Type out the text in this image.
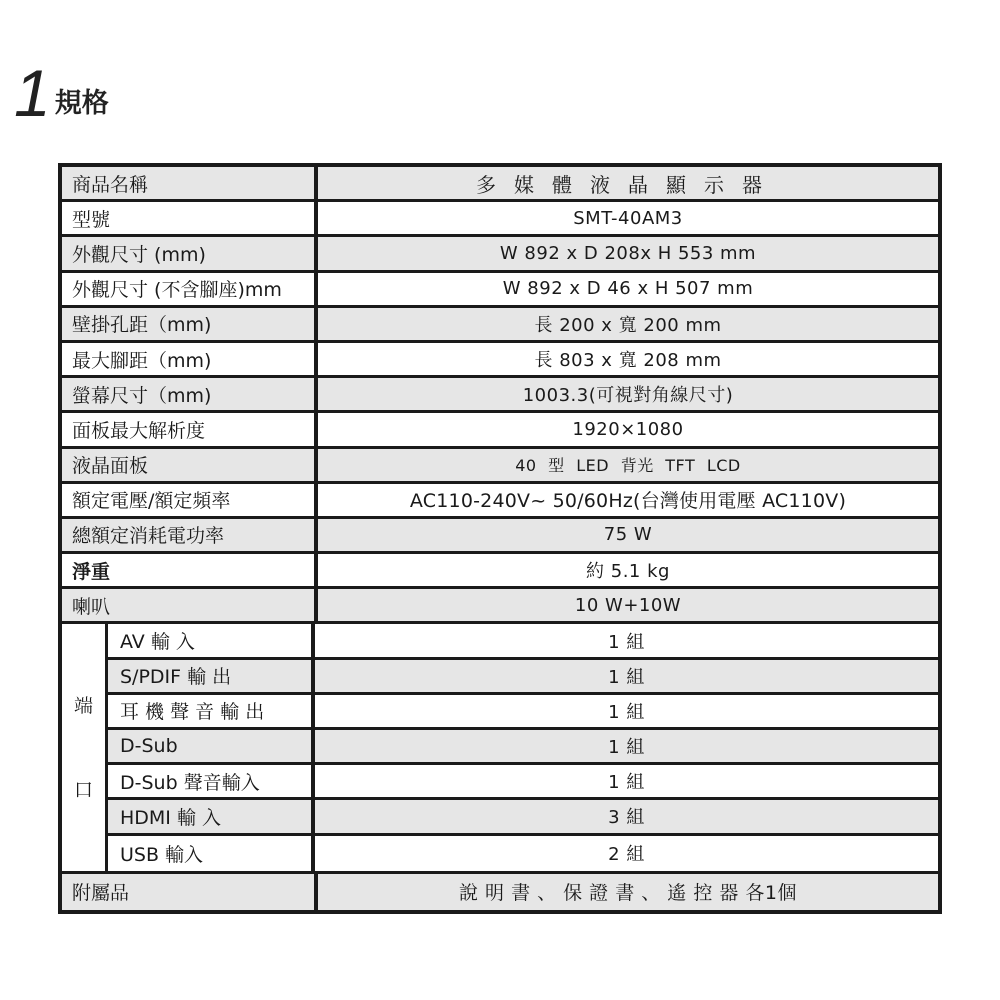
1 規格
商品名稱	多媒體液晶顯示器
型號	SMT-40AM3
外觀尺寸 (mm)	W 892 x D 208x H 553 mm
外觀尺寸 (不含腳座)mm	W 892 x D 46 x H 507 mm
壁掛孔距（mm)	長 200 x 寬 200 mm
最大腳距（mm)	長 803 x 寬 208 mm
螢幕尺寸（mm)	1003.3(可視對角線尺寸)
面板最大解析度	1920×1080
液晶面板	40 型 LED 背光 TFT LCD
額定電壓/額定頻率	AC110-240V~ 50/60Hz(台灣使用電壓 AC110V)
總額定消耗電功率	75 W
淨重	約 5.1 kg
喇叭	10 W+10W
端
口
AV 輸 入	1 組
S/PDIF 輸 出	1 組
耳 機 聲 音 輸 出	1 組
D-Sub	1 組
D-Sub 聲音輸入	1 組
HDMI 輸 入	3 組
USB 輸入	2 組
附屬品	說 明 書 、 保 證 書 、 遙 控 器 各1個
